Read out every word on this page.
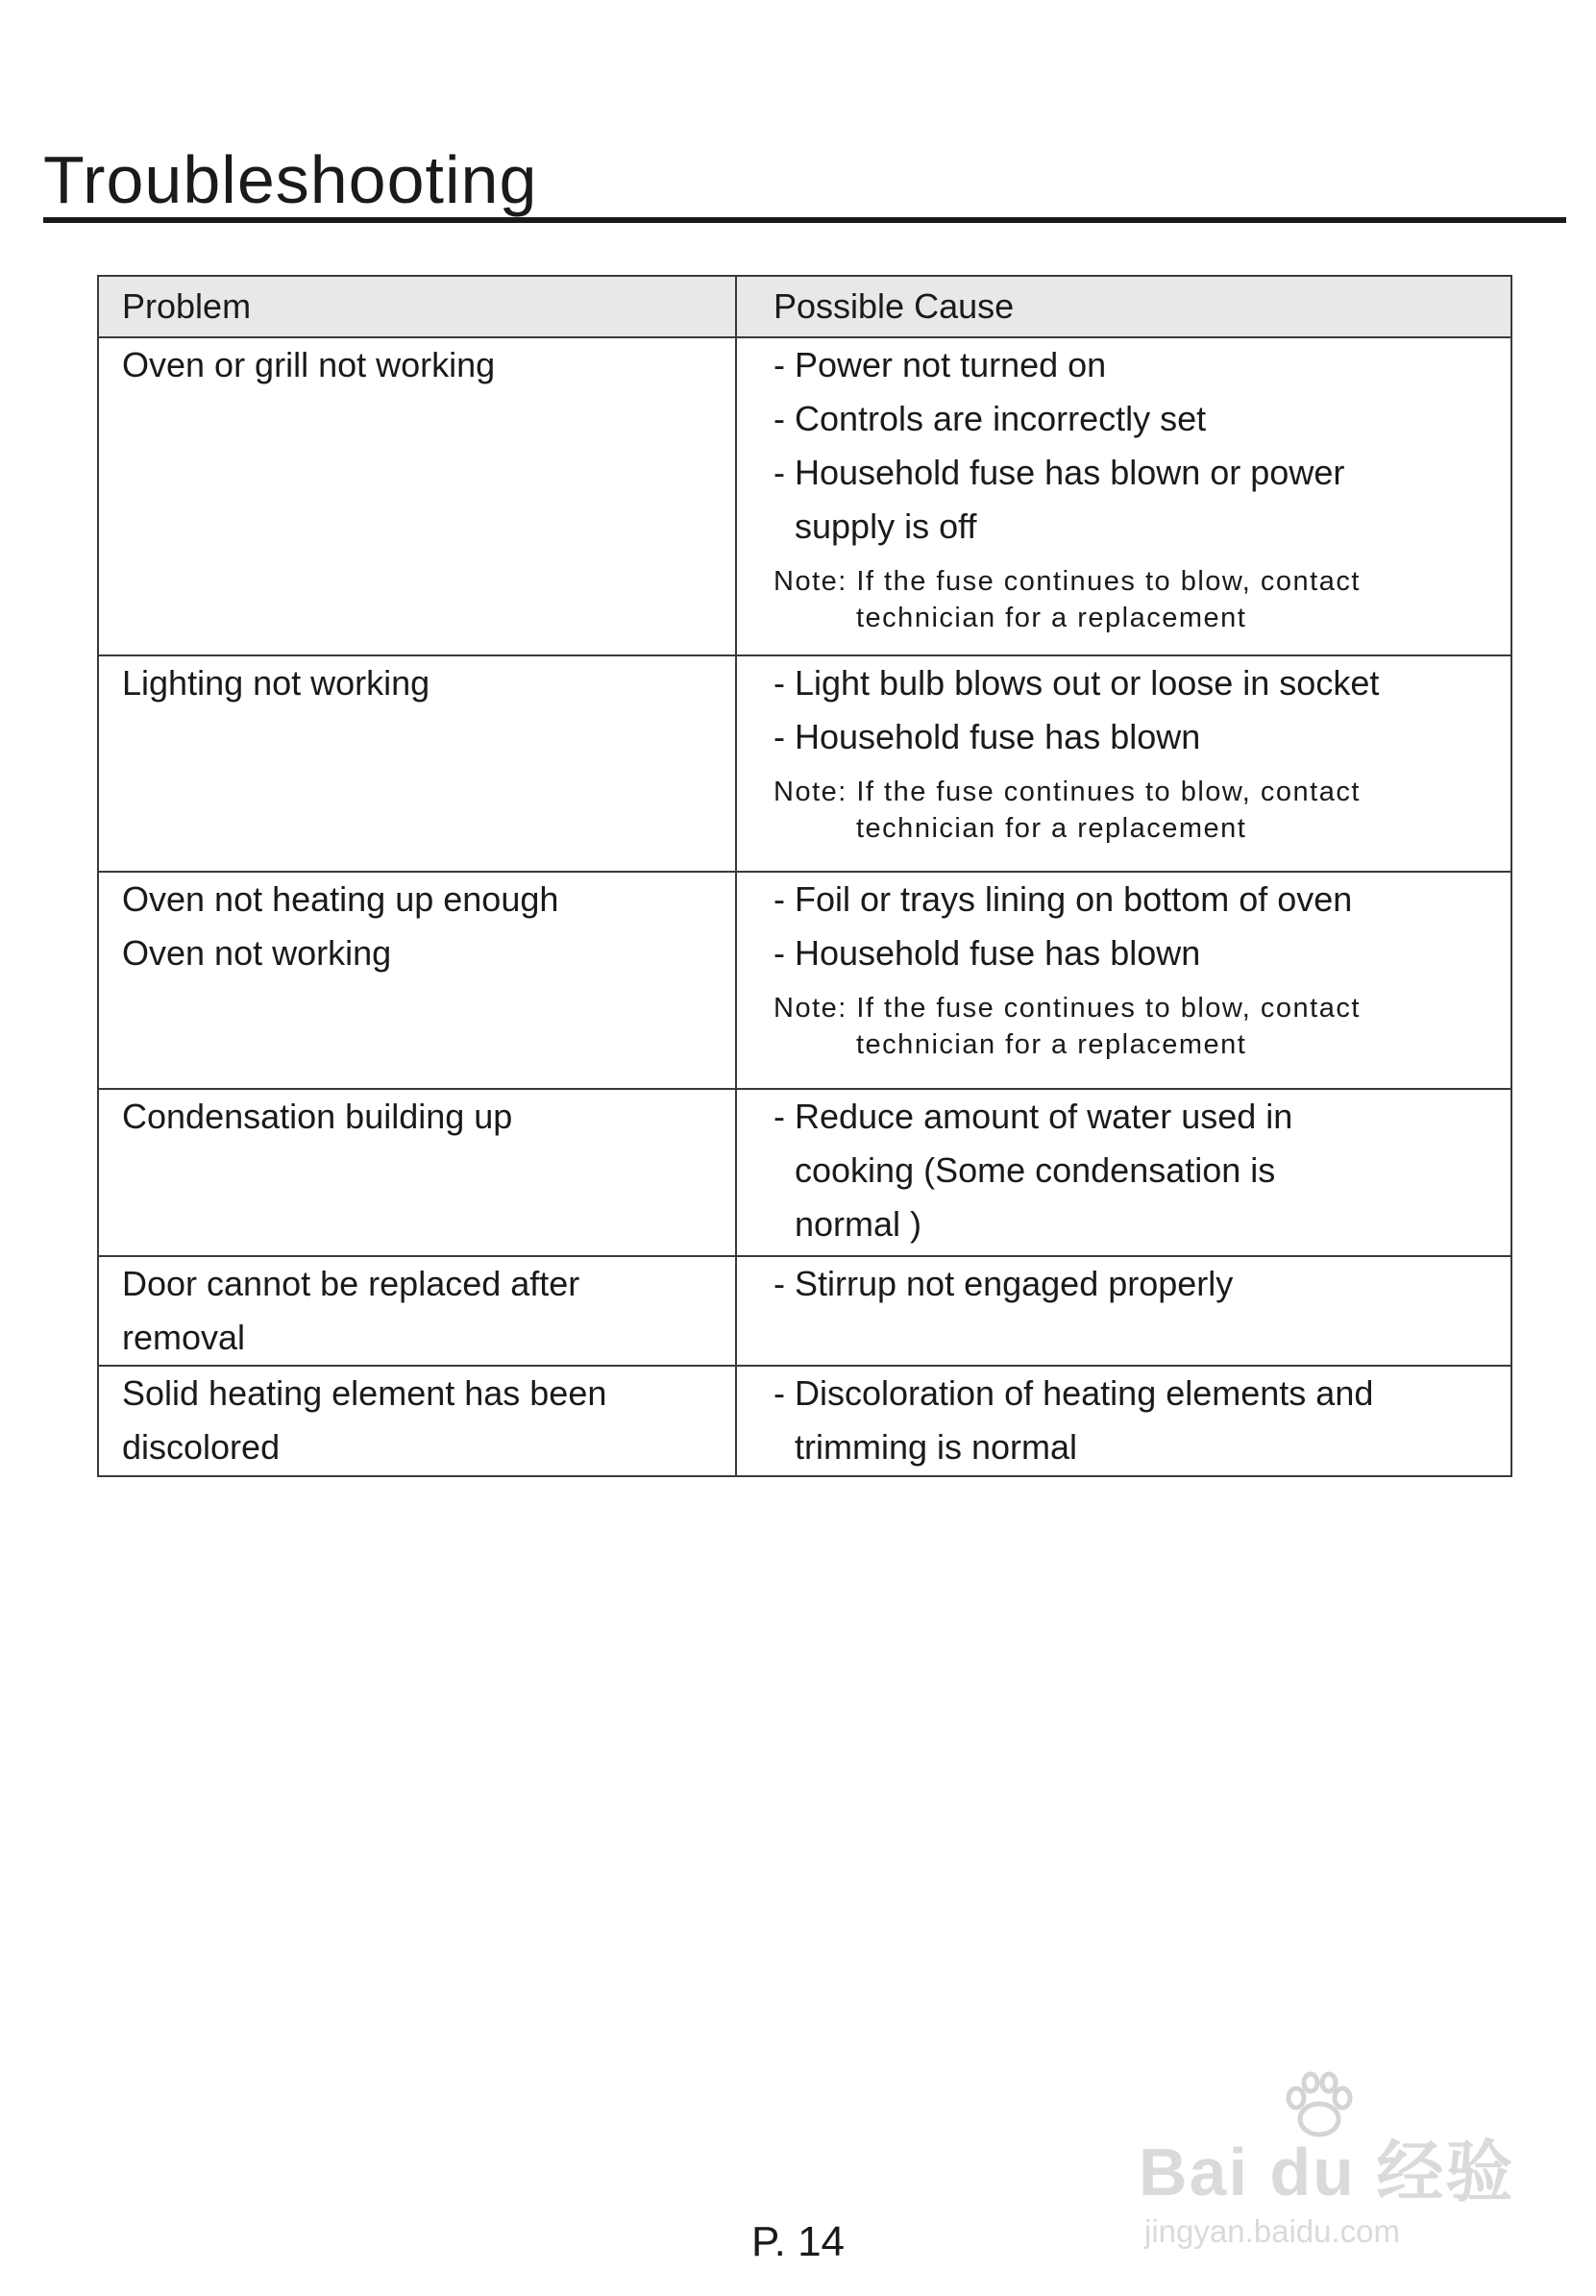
Troubleshooting
Problem	Possible Cause

Oven or grill not working	- Power not turned on
- Controls are incorrectly set
- Household fuse has blown or power supply is off
Note: If the fuse continues to blow, contact technician for a replacement

Lighting not working	- Light bulb blows out or loose in socket
- Household fuse has blown
Note: If the fuse continues to blow, contact technician for a replacement

Oven not heating up enough
Oven not working	- Foil or trays lining on bottom of oven
- Household fuse has blown
Note: If the fuse continues to blow, contact technician for a replacement

Condensation building up	- Reduce amount of water used in cooking (Some condensation is normal )

Door cannot be replaced after removal	- Stirrup not engaged properly

Solid heating element has been discolored	- Discoloration of heating elements and trimming is normal
P. 14
Bai du 经验
jingyan.baidu.com
